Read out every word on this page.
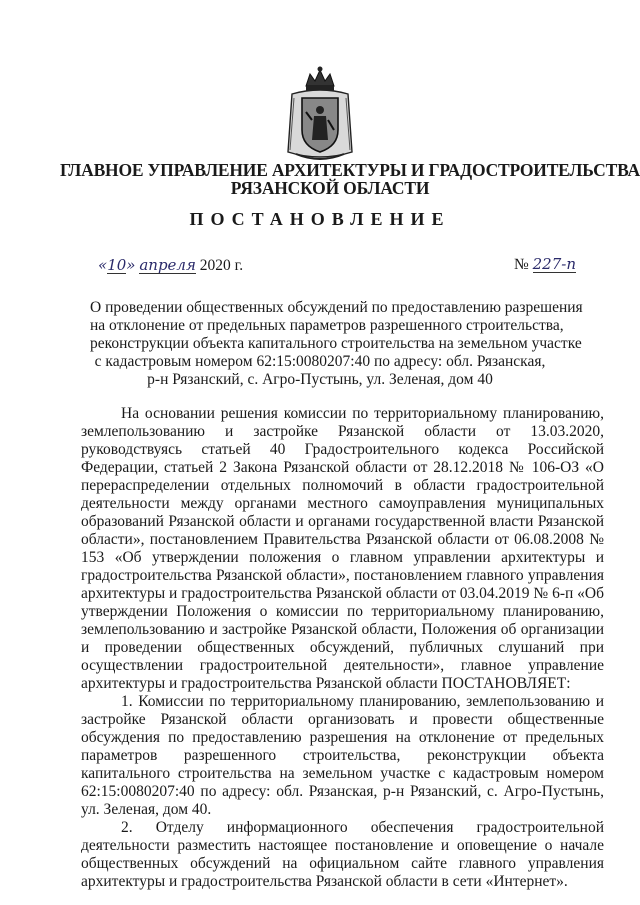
ГЛАВНОЕ УПРАВЛЕНИЕ АРХИТЕКТУРЫ И ГРАДОСТРОИТЕЛЬСТВА
РЯЗАНСКОЙ ОБЛАСТИ
ПОСТАНОВЛЕНИЕ
«10» апреля 2020 г.	№ 227-п
О проведении общественных обсуждений по предоставлению разрешения
на отклонение от предельных параметров разрешенного строительства,
реконструкции объекта капитального строительства на земельном участке
с кадастровым номером 62:15:0080207:40 по адресу: обл. Рязанская,
р-н Рязанский, с. Агро-Пустынь, ул. Зеленая, дом 40

На основании решения комиссии по территориальному планированию, землепользованию и застройке Рязанской области от 13.03.2020, руководствуясь статьей 40 Градостроительного кодекса Российской Федерации, статьей 2 Закона Рязанской области от 28.12.2018 № 106-ОЗ «О перераспределении отдельных полномочий в области градостроительной деятельности между органами местного самоуправления муниципальных образований Рязанской области и органами государственной власти Рязанской области», постановлением Правительства Рязанской области от 06.08.2008 № 153 «Об утверждении положения о главном управлении архитектуры и градостроительства Рязанской области», постановлением главного управления архитектуры и градостроительства Рязанской области от 03.04.2019 № 6-п «Об утверждении Положения о комиссии по территориальному планированию, землепользованию и застройке Рязанской области, Положения об организации и проведении общественных обсуждений, публичных слушаний при осуществлении градостроительной деятельности», главное управление архитектуры и градостроительства Рязанской области ПОСТАНОВЛЯЕТ:

1. Комиссии по территориальному планированию, землепользованию и застройке Рязанской области организовать и провести общественные обсуждения по предоставлению разрешения на отклонение от предельных параметров разрешенного строительства, реконструкции объекта капитального строительства на земельном участке с кадастровым номером 62:15:0080207:40 по адресу: обл. Рязанская, р-н Рязанский, с. Агро-Пустынь, ул. Зеленая, дом 40.

2. Отделу информационного обеспечения градостроительной деятельности разместить настоящее постановление и оповещение о начале общественных обсуждений на официальном сайте главного управления архитектуры и градостроительства Рязанской области в сети «Интернет».
